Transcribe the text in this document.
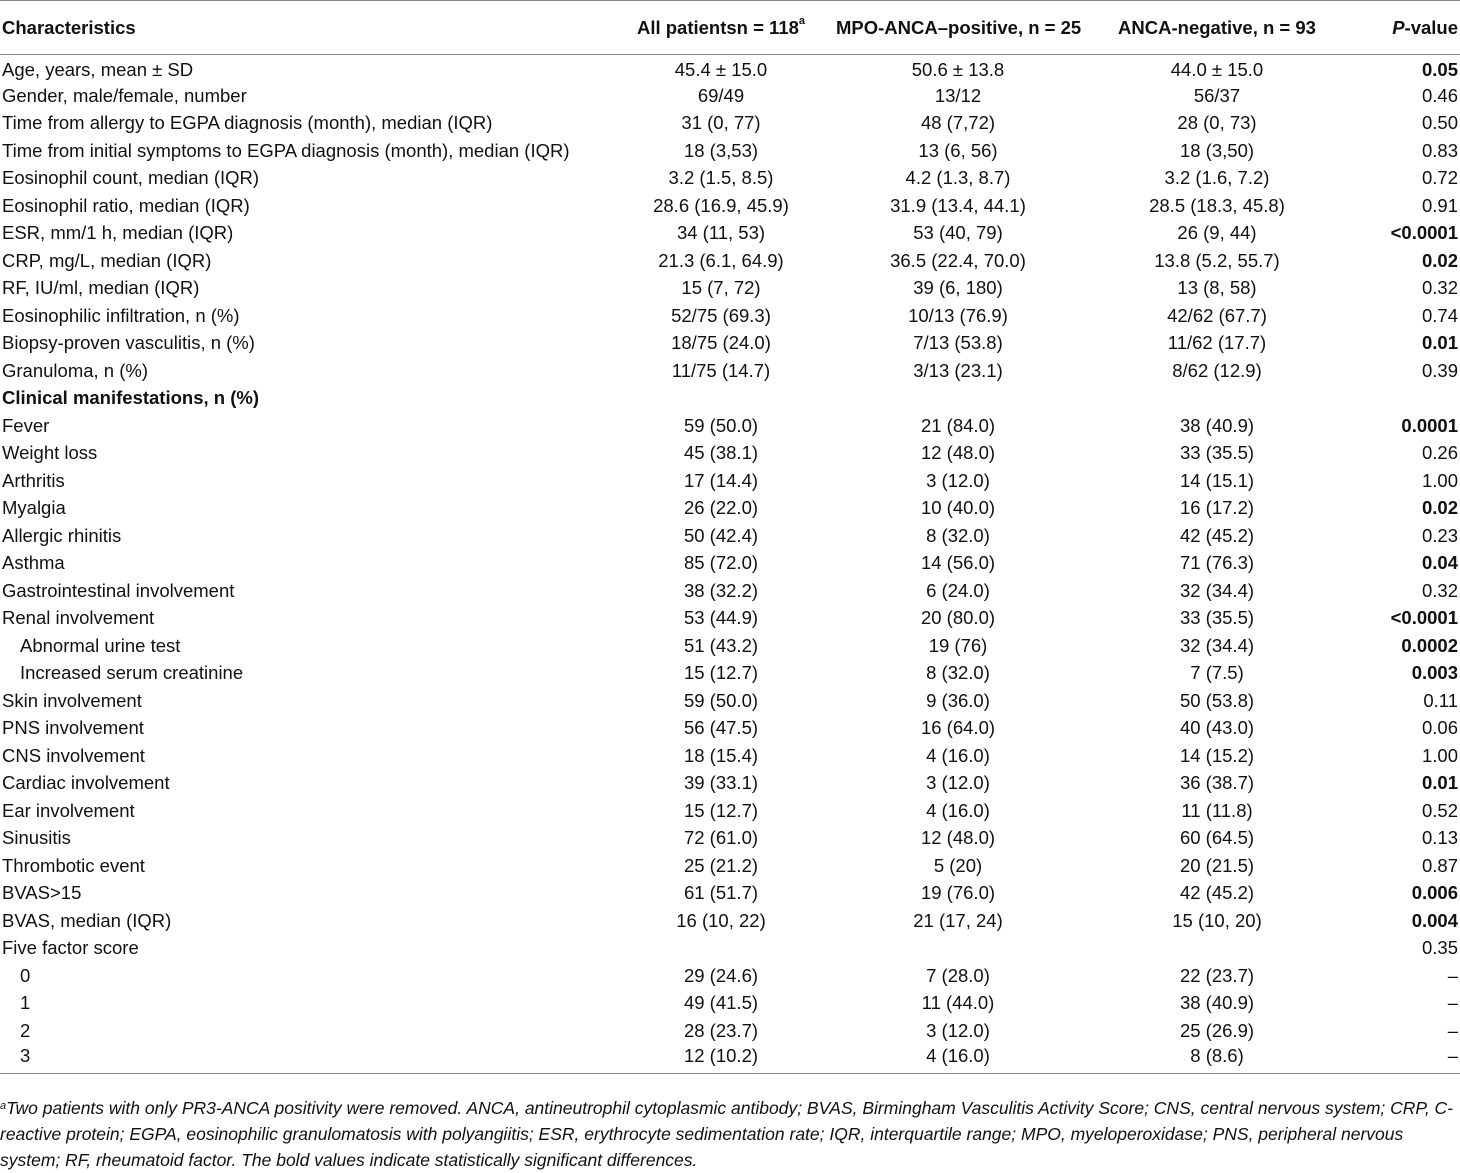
Characteristics	All patientsn = $118^a$	MPO-ANCA–positive, n = 25	ANCA-negative, n = 93	P-value
Age, years, mean ± SD	45.4 ± 15.0	50.6 ± 13.8	44.0 ± 15.0	0.05
Gender, male/female, number	69/49	13/12	56/37	0.46
Time from allergy to EGPA diagnosis (month), median (IQR)	31 (0, 77)	48 (7,72)	28 (0, 73)	0.50
Time from initial symptoms to EGPA diagnosis (month), median (IQR)	18 (3,53)	13 (6, 56)	18 (3,50)	0.83
Eosinophil count, median (IQR)	3.2 (1.5, 8.5)	4.2 (1.3, 8.7)	3.2 (1.6, 7.2)	0.72
Eosinophil ratio, median (IQR)	28.6 (16.9, 45.9)	31.9 (13.4, 44.1)	28.5 (18.3, 45.8)	0.91
ESR, mm/1 h, median (IQR)	34 (11, 53)	53 (40, 79)	26 (9, 44)	<0.0001
CRP, mg/L, median (IQR)	21.3 (6.1, 64.9)	36.5 (22.4, 70.0)	13.8 (5.2, 55.7)	0.02
RF, IU/ml, median (IQR)	15 (7, 72)	39 (6, 180)	13 (8, 58)	0.32
Eosinophilic infiltration, n (%)	52/75 (69.3)	10/13 (76.9)	42/62 (67.7)	0.74
Biopsy-proven vasculitis, n (%)	18/75 (24.0)	7/13 (53.8)	11/62 (17.7)	0.01
Granuloma, n (%)	11/75 (14.7)	3/13 (23.1)	8/62 (12.9)	0.39
Clinical manifestations, n (%)				
Fever	59 (50.0)	21 (84.0)	38 (40.9)	0.0001
Weight loss	45 (38.1)	12 (48.0)	33 (35.5)	0.26
Arthritis	17 (14.4)	3 (12.0)	14 (15.1)	1.00
Myalgia	26 (22.0)	10 (40.0)	16 (17.2)	0.02
Allergic rhinitis	50 (42.4)	8 (32.0)	42 (45.2)	0.23
Asthma	85 (72.0)	14 (56.0)	71 (76.3)	0.04
Gastrointestinal involvement	38 (32.2)	6 (24.0)	32 (34.4)	0.32
Renal involvement	53 (44.9)	20 (80.0)	33 (35.5)	<0.0001
Abnormal urine test	51 (43.2)	19 (76)	32 (34.4)	0.0002
Increased serum creatinine	15 (12.7)	8 (32.0)	7 (7.5)	0.003
Skin involvement	59 (50.0)	9 (36.0)	50 (53.8)	0.11
PNS involvement	56 (47.5)	16 (64.0)	40 (43.0)	0.06
CNS involvement	18 (15.4)	4 (16.0)	14 (15.2)	1.00
Cardiac involvement	39 (33.1)	3 (12.0)	36 (38.7)	0.01
Ear involvement	15 (12.7)	4 (16.0)	11 (11.8)	0.52
Sinusitis	72 (61.0)	12 (48.0)	60 (64.5)	0.13
Thrombotic event	25 (21.2)	5 (20)	20 (21.5)	0.87
BVAS>15	61 (51.7)	19 (76.0)	42 (45.2)	0.006
BVAS, median (IQR)	16 (10, 22)	21 (17, 24)	15 (10, 20)	0.004
Five factor score				0.35
0	29 (24.6)	7 (28.0)	22 (23.7)	–
1	49 (41.5)	11 (44.0)	38 (40.9)	–
2	28 (23.7)	3 (12.0)	25 (26.9)	–
3	12 (10.2)	4 (16.0)	8 (8.6)	–
$^a$Two patients with only PR3-ANCA positivity were removed. ANCA, antineutrophil cytoplasmic antibody; BVAS, Birmingham Vasculitis Activity Score; CNS, central nervous system; CRP, C-reactive protein; EGPA, eosinophilic granulomatosis with polyangiitis; ESR, erythrocyte sedimentation rate; IQR, interquartile range; MPO, myeloperoxidase; PNS, peripheral nervous system; RF, rheumatoid factor. The bold values indicate statistically significant differences.
